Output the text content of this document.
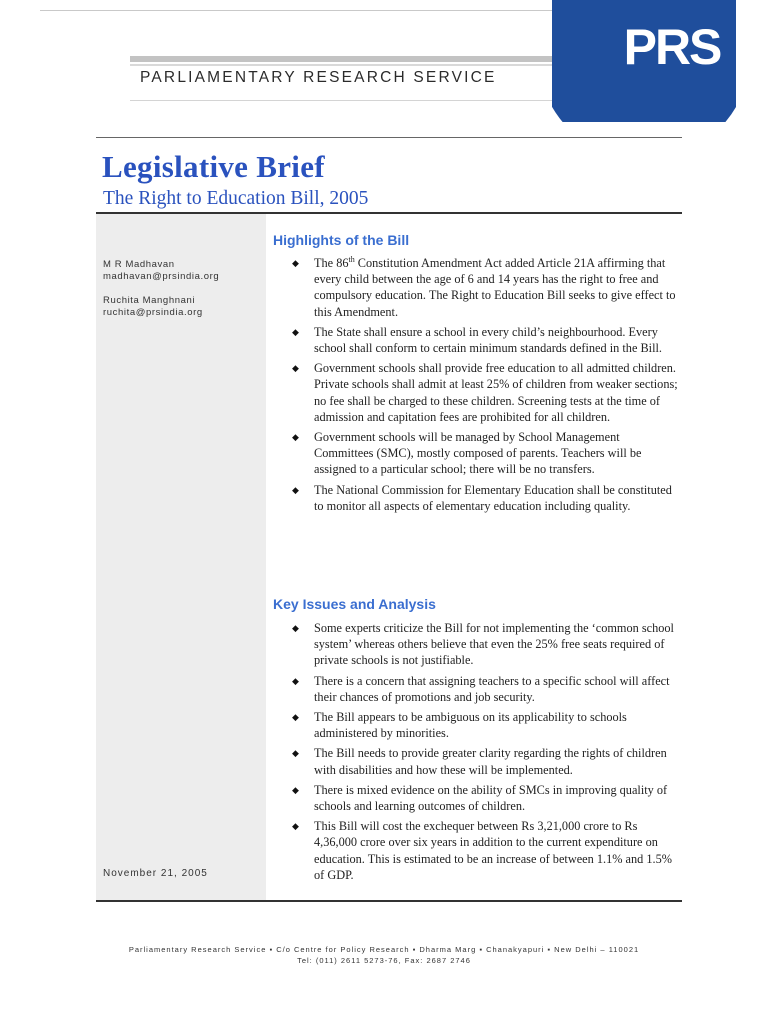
PARLIAMENTARY RESEARCH SERVICE
PRS
Legislative Brief
The Right to Education Bill, 2005
M R Madhavan
madhavan@prsindia.org
Ruchita Manghnani
ruchita@prsindia.org
November 21, 2005
Highlights of the Bill
◆ The 86th Constitution Amendment Act added Article 21A affirming that every child between the age of 6 and 14 years has the right to free and compulsory education. The Right to Education Bill seeks to give effect to this Amendment.
◆ The State shall ensure a school in every child’s neighbourhood. Every school shall conform to certain minimum standards defined in the Bill.
◆ Government schools shall provide free education to all admitted children. Private schools shall admit at least 25% of children from weaker sections; no fee shall be charged to these children. Screening tests at the time of admission and capitation fees are prohibited for all children.
◆ Government schools will be managed by School Management Committees (SMC), mostly composed of parents. Teachers will be assigned to a particular school; there will be no transfers.
◆ The National Commission for Elementary Education shall be constituted to monitor all aspects of elementary education including quality.
Key Issues and Analysis
◆ Some experts criticize the Bill for not implementing the ‘common school system’ whereas others believe that even the 25% free seats required of private schools is not justifiable.
◆ There is a concern that assigning teachers to a specific school will affect their chances of promotions and job security.
◆ The Bill appears to be ambiguous on its applicability to schools administered by minorities.
◆ The Bill needs to provide greater clarity regarding the rights of children with disabilities and how these will be implemented.
◆ There is mixed evidence on the ability of SMCs in improving quality of schools and learning outcomes of children.
◆ This Bill will cost the exchequer between Rs 3,21,000 crore to Rs 4,36,000 crore over six years in addition to the current expenditure on education. This is estimated to be an increase of between 1.1% and 1.5% of GDP.
Parliamentary Research Service ▪ C/o Centre for Policy Research ▪ Dharma Marg ▪ Chanakyapuri ▪ New Delhi – 110021
Tel: (011) 2611 5273-76, Fax: 2687 2746
